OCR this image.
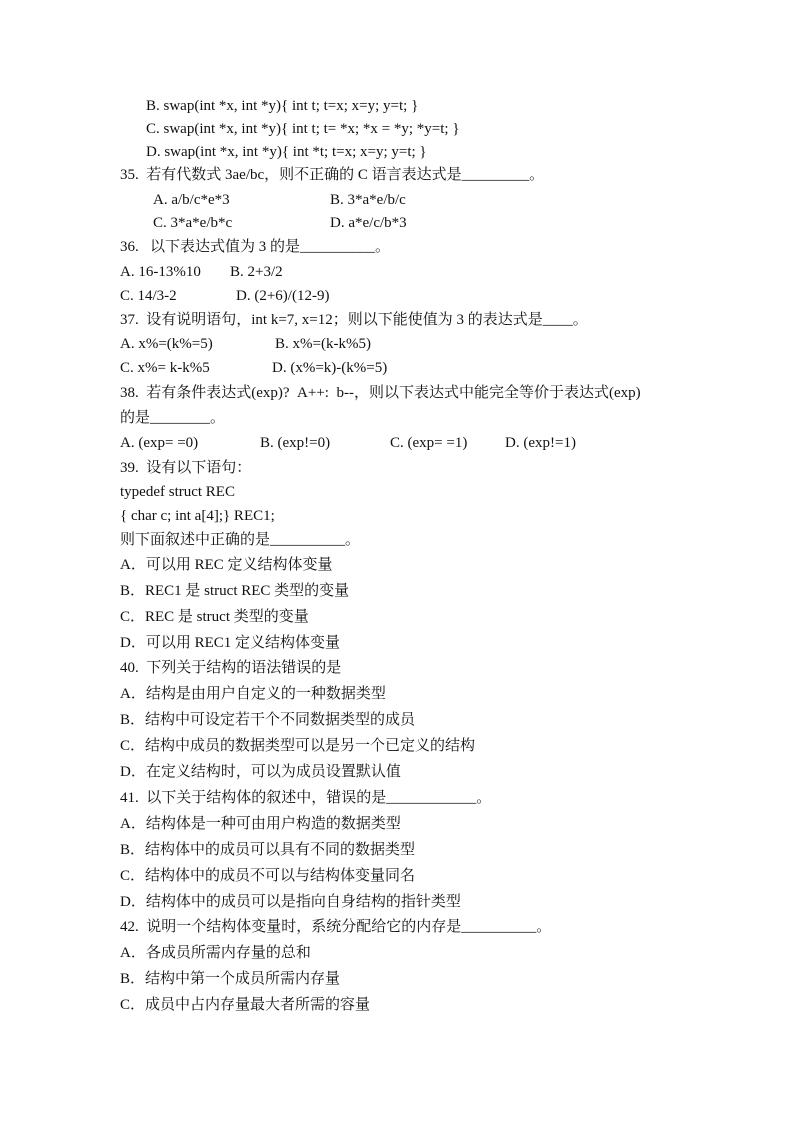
B. swap(int *x, int *y){ int t; t=x; x=y; y=t; }
C. swap(int *x, int *y){ int t; t= *x; *x = *y; *y=t; }
D. swap(int *x, int *y){ int *t; t=x; x=y; y=t; }
35.  若有代数式 3ae/bc，则不正确的 C 语言表达式是_________。
A. a/b/c*e*3	B. 3*a*e/b/c
C. 3*a*e/b*c	D. a*e/c/b*3
36.   以下表达式值为 3 的是__________。
A. 16-13%10 B. 2+3/2
C. 14/3-2	D. (2+6)/(12-9)
37.  设有说明语句，int k=7, x=12；则以下能使值为 3 的表达式是____。
A. x%=(k%=5)	B. x%=(k-k%5)
C. x%= k-k%5	D. (x%=k)-(k%=5)
38.  若有条件表达式(exp)?  A++:  b--，则以下表达式中能完全等价于表达式(exp)
的是________。
A. (exp= =0)	B. (exp!=0)	C. (exp= =1)	D. (exp!=1)
39.  设有以下语句：
typedef struct REC
{ char c; int a[4];} REC1;
则下面叙述中正确的是__________。
A．可以用 REC 定义结构体变量
B．REC1 是 struct REC 类型的变量
C．REC 是 struct 类型的变量
D．可以用 REC1 定义结构体变量
40.  下列关于结构的语法错误的是
A．结构是由用户自定义的一种数据类型
B．结构中可设定若干个不同数据类型的成员
C．结构中成员的数据类型可以是另一个已定义的结构
D．在定义结构时，可以为成员设置默认值
41.  以下关于结构体的叙述中，错误的是____________。
A．结构体是一种可由用户构造的数据类型
B．结构体中的成员可以具有不同的数据类型
C．结构体中的成员不可以与结构体变量同名
D．结构体中的成员可以是指向自身结构的指针类型
42.  说明一个结构体变量时，系统分配给它的内存是__________。
A．各成员所需内存量的总和
B．结构中第一个成员所需内存量
C．成员中占内存量最大者所需的容量
